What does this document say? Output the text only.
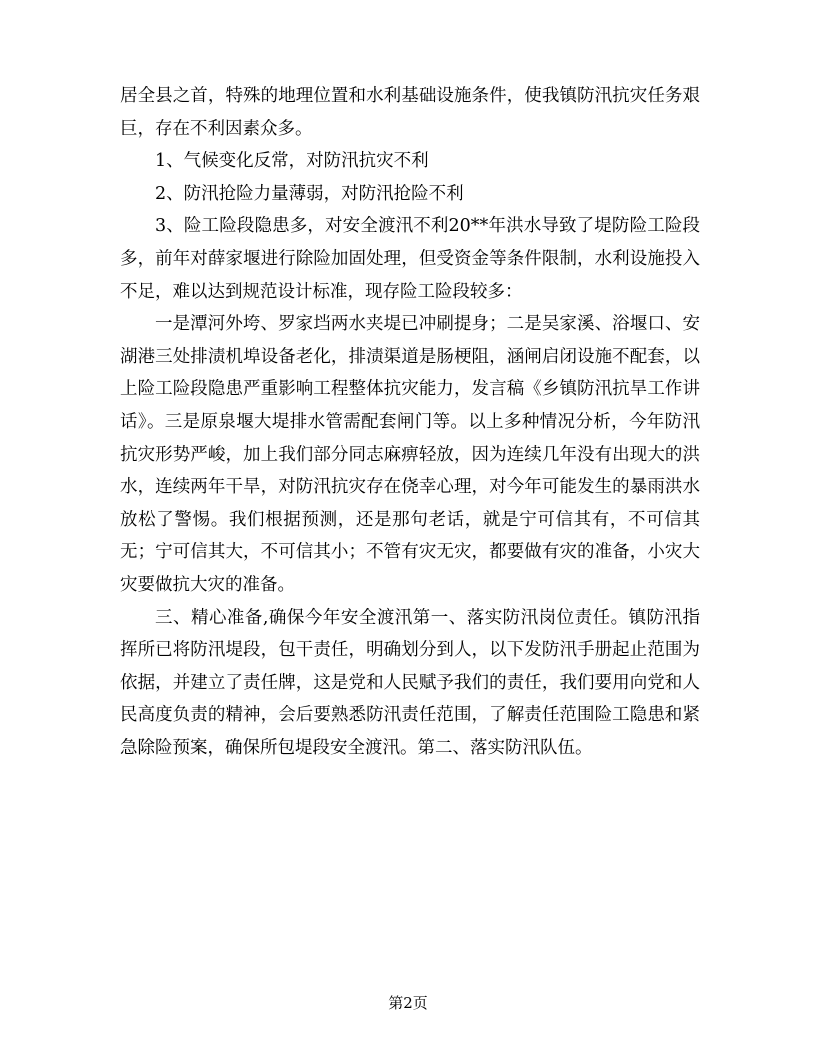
居全县之首，特殊的地理位置和水利基础设施条件，使我镇防汛抗灾任务艰巨，存在不利因素众多。

1、气候变化反常，对防汛抗灾不利

2、防汛抢险力量薄弱，对防汛抢险不利

3、险工险段隐患多，对安全渡汛不利20**年洪水导致了堤防险工险段多，前年对薛家堰进行除险加固处理，但受资金等条件限制，水利设施投入不足，难以达到规范设计标准，现存险工险段较多：

一是潭河外垮、罗家垱两水夹堤已冲刷提身；二是吴家溪、浴堰口、安湖港三处排渍机埠设备老化，排渍渠道是肠梗阻，涵闸启闭设施不配套，以上险工险段隐患严重影响工程整体抗灾能力，发言稿《乡镇防汛抗旱工作讲话》。三是原泉堰大堤排水管需配套闸门等。以上多种情况分析，今年防汛抗灾形势严峻，加上我们部分同志麻痹轻放，因为连续几年没有出现大的洪水，连续两年干旱，对防汛抗灾存在侥幸心理，对今年可能发生的暴雨洪水放松了警惕。我们根据预测，还是那句老话，就是宁可信其有，不可信其无；宁可信其大，不可信其小；不管有灾无灾，都要做有灾的准备，小灾大灾要做抗大灾的准备。

三、精心准备,确保今年安全渡汛第一、落实防汛岗位责任。镇防汛指挥所已将防汛堤段，包干责任，明确划分到人，以下发防汛手册起止范围为依据，并建立了责任牌，这是党和人民赋予我们的责任，我们要用向党和人民高度负责的精神，会后要熟悉防汛责任范围，了解责任范围险工隐患和紧急除险预案，确保所包堤段安全渡汛。第二、落实防汛队伍。

第2页
